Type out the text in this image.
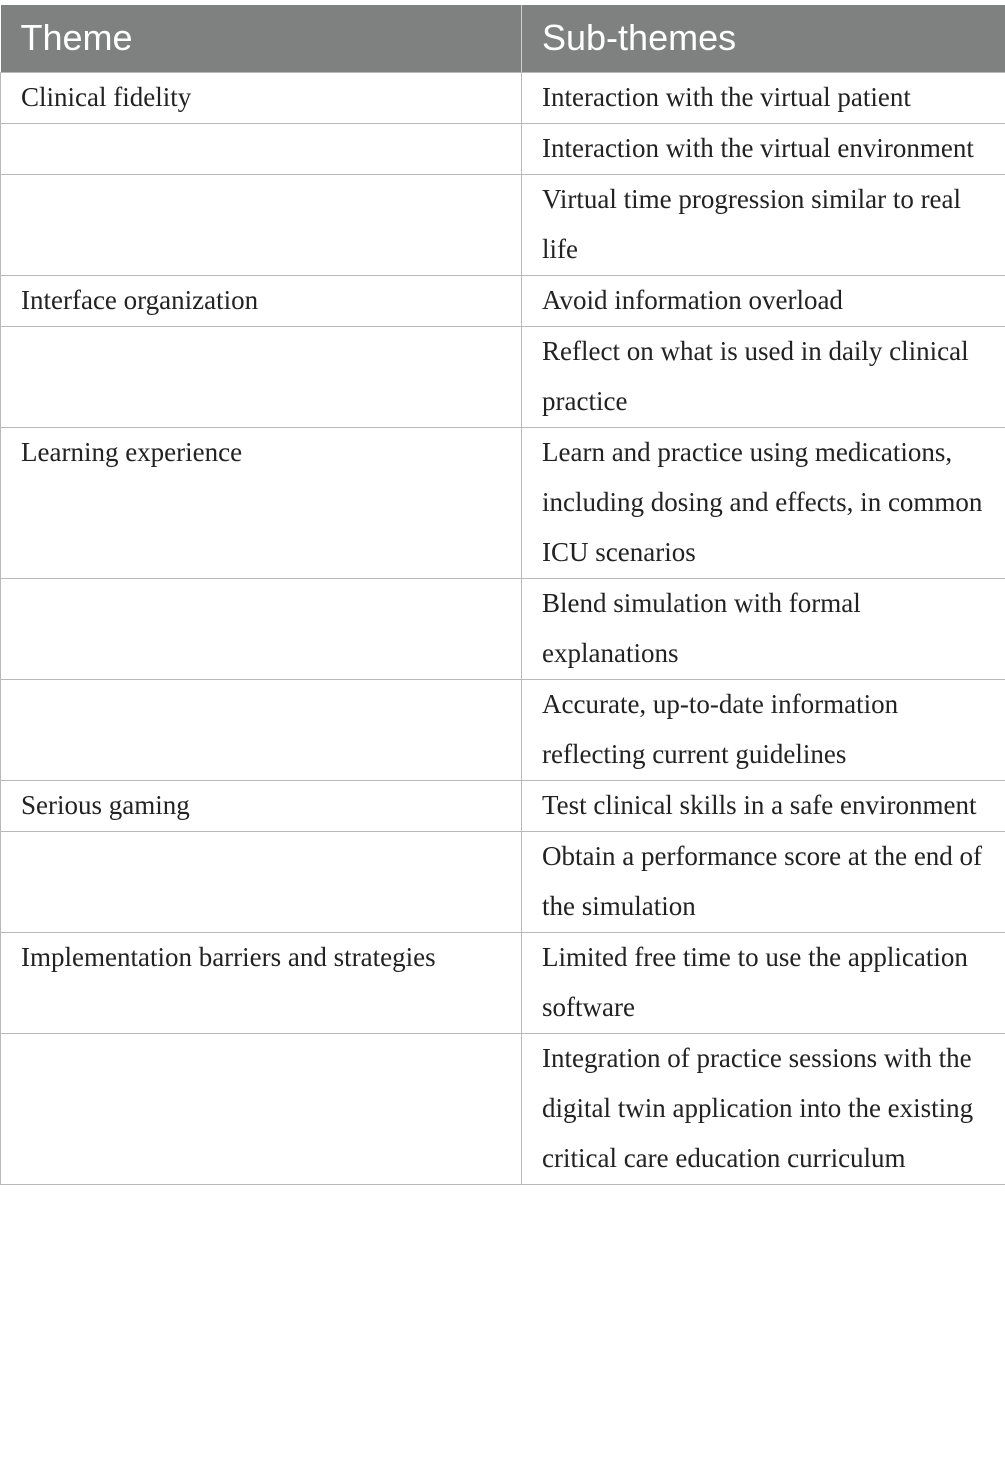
Theme	Sub-themes

Clinical fidelity	Interaction with the virtual patient

	Interaction with the virtual environment

	Virtual time progression similar to real life

Interface organization	Avoid information overload

	Reflect on what is used in daily clinical practice

Learning experience	Learn and practice using medications, including dosing and effects, in common ICU scenarios

	Blend simulation with formal explanations

	Accurate, up-to-date information reflecting current guidelines

Serious gaming	Test clinical skills in a safe environment

	Obtain a performance score at the end of the simulation

Implementation barriers and strategies	Limited free time to use the application software

	Integration of practice sessions with the digital twin application into the existing critical care education curriculum
